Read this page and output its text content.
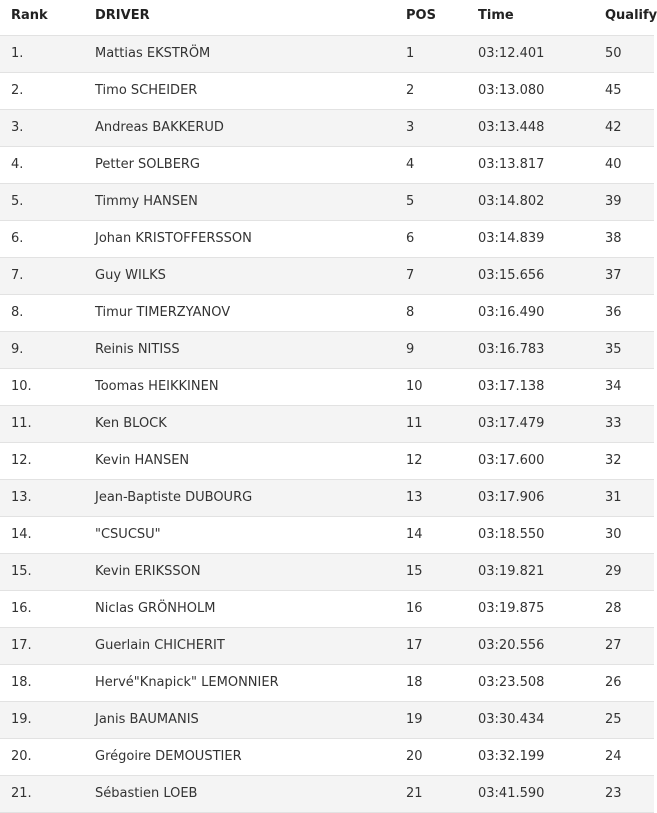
Rank	DRIVER	POS	Time	Qualify
1.	Mattias EKSTRÖM	1	03:12.401	50
2.	Timo SCHEIDER	2	03:13.080	45
3.	Andreas BAKKERUD	3	03:13.448	42
4.	Petter SOLBERG	4	03:13.817	40
5.	Timmy HANSEN	5	03:14.802	39
6.	Johan KRISTOFFERSSON	6	03:14.839	38
7.	Guy WILKS	7	03:15.656	37
8.	Timur TIMERZYANOV	8	03:16.490	36
9.	Reinis NITISS	9	03:16.783	35
10.	Toomas HEIKKINEN	10	03:17.138	34
11.	Ken BLOCK	11	03:17.479	33
12.	Kevin HANSEN	12	03:17.600	32
13.	Jean-Baptiste DUBOURG	13	03:17.906	31
14.	"CSUCSU"	14	03:18.550	30
15.	Kevin ERIKSSON	15	03:19.821	29
16.	Niclas GRÖNHOLM	16	03:19.875	28
17.	Guerlain CHICHERIT	17	03:20.556	27
18.	Hervé"Knapick" LEMONNIER	18	03:23.508	26
19.	Janis BAUMANIS	19	03:30.434	25
20.	Grégoire DEMOUSTIER	20	03:32.199	24
21.	Sébastien LOEB	21	03:41.590	23
